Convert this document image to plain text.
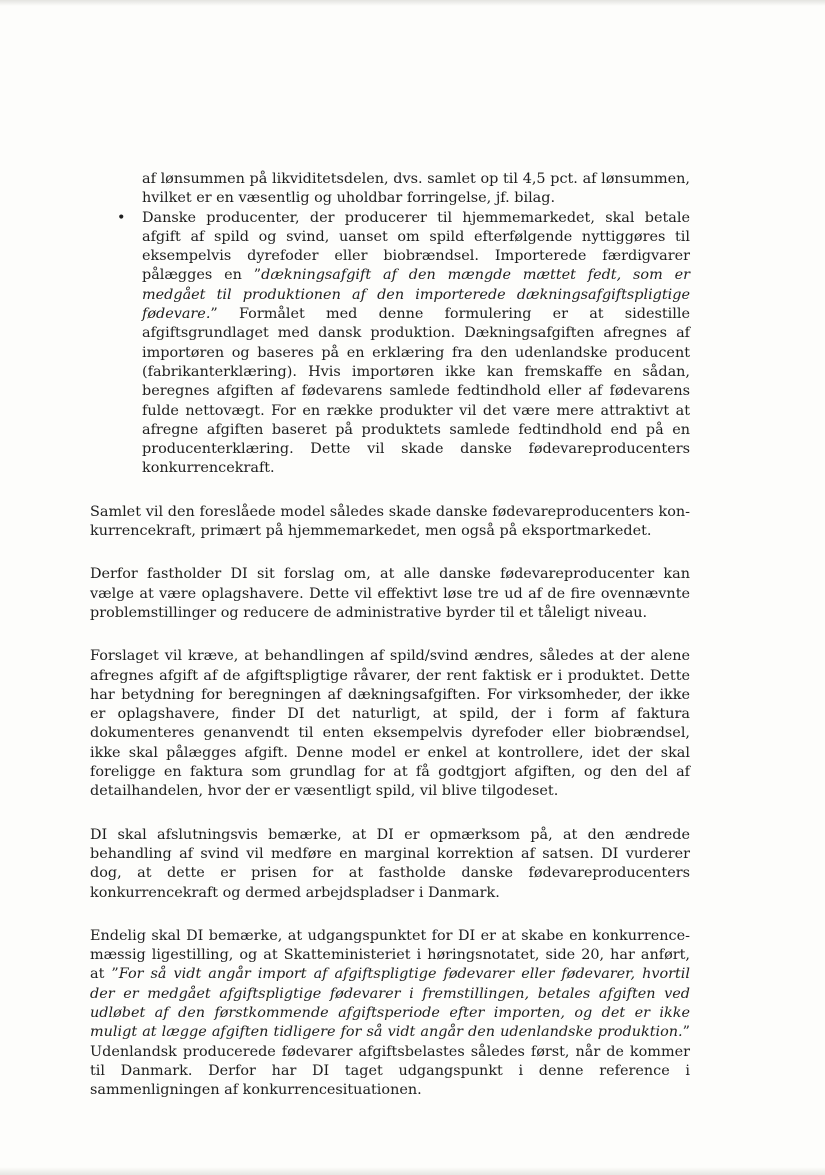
af lønsummen på likviditetsdelen, dvs. samlet op til 4,5 pct. af lønsummen, hvilket er en væsentlig og uholdbar forringelse, jf. bilag.

• Danske producenter, der producerer til hjemmemarkedet, skal betale afgift af spild og svind, uanset om spild efterfølgende nyttiggøres til eksempelvis dyrefoder eller biobrændsel. Importerede færdigvarer pålægges en ”dækningsafgift af den mængde mættet fedt, som er medgået til produktionen af den importerede dækningsafgiftspligtige fødevare.” Formålet med denne formulering er at sidestille afgiftsgrundlaget med dansk produktion. Dækningsafgiften afregnes af importøren og baseres på en erklæring fra den udenlandske producent (fabrikanterklæring). Hvis importøren ikke kan fremskaffe en sådan, beregnes afgiften af fødevarens samlede fedtindhold eller af fødevarens fulde nettovægt. For en række produkter vil det være mere attraktivt at afregne afgiften baseret på produktets samlede fedtindhold end på en producenterklæring. Dette vil skade danske fødevareproducenters konkurrencekraft.

Samlet vil den foreslåede model således skade danske fødevareproducenters konkurrencekraft, primært på hjemmemarkedet, men også på eksportmarkedet.

Derfor fastholder DI sit forslag om, at alle danske fødevareproducenter kan vælge at være oplagshavere. Dette vil effektivt løse tre ud af de fire ovennævnte problemstillinger og reducere de administrative byrder til et tåleligt niveau.

Forslaget vil kræve, at behandlingen af spild/svind ændres, således at der alene afregnes afgift af de afgiftspligtige råvarer, der rent faktisk er i produktet. Dette har betydning for beregningen af dækningsafgiften. For virksomheder, der ikke er oplagshavere, finder DI det naturligt, at spild, der i form af faktura dokumenteres genanvendt til enten eksempelvis dyrefoder eller biobrændsel, ikke skal pålægges afgift. Denne model er enkel at kontrollere, idet der skal foreligge en faktura som grundlag for at få godtgjort afgiften, og den del af detailhandelen, hvor der er væsentligt spild, vil blive tilgodeset.

DI skal afslutningsvis bemærke, at DI er opmærksom på, at den ændrede behandling af svind vil medføre en marginal korrektion af satsen. DI vurderer dog, at dette er prisen for at fastholde danske fødevareproducenters konkurrencekraft og dermed arbejdspladser i Danmark.

Endelig skal DI bemærke, at udgangspunktet for DI er at skabe en konkurrencemæssig ligestilling, og at Skatteministeriet i høringsnotatet, side 20, har anført, at ”For så vidt angår import af afgiftspligtige fødevarer eller fødevarer, hvortil der er medgået afgiftspligtige fødevarer i fremstillingen, betales afgiften ved udløbet af den førstkommende afgiftsperiode efter importen, og det er ikke muligt at lægge afgiften tidligere for så vidt angår den udenlandske produktion.” Udenlandsk producerede fødevarer afgiftsbelastes således først, når de kommer til Danmark. Derfor har DI taget udgangspunkt i denne reference i sammenligningen af konkurrencesituationen.
